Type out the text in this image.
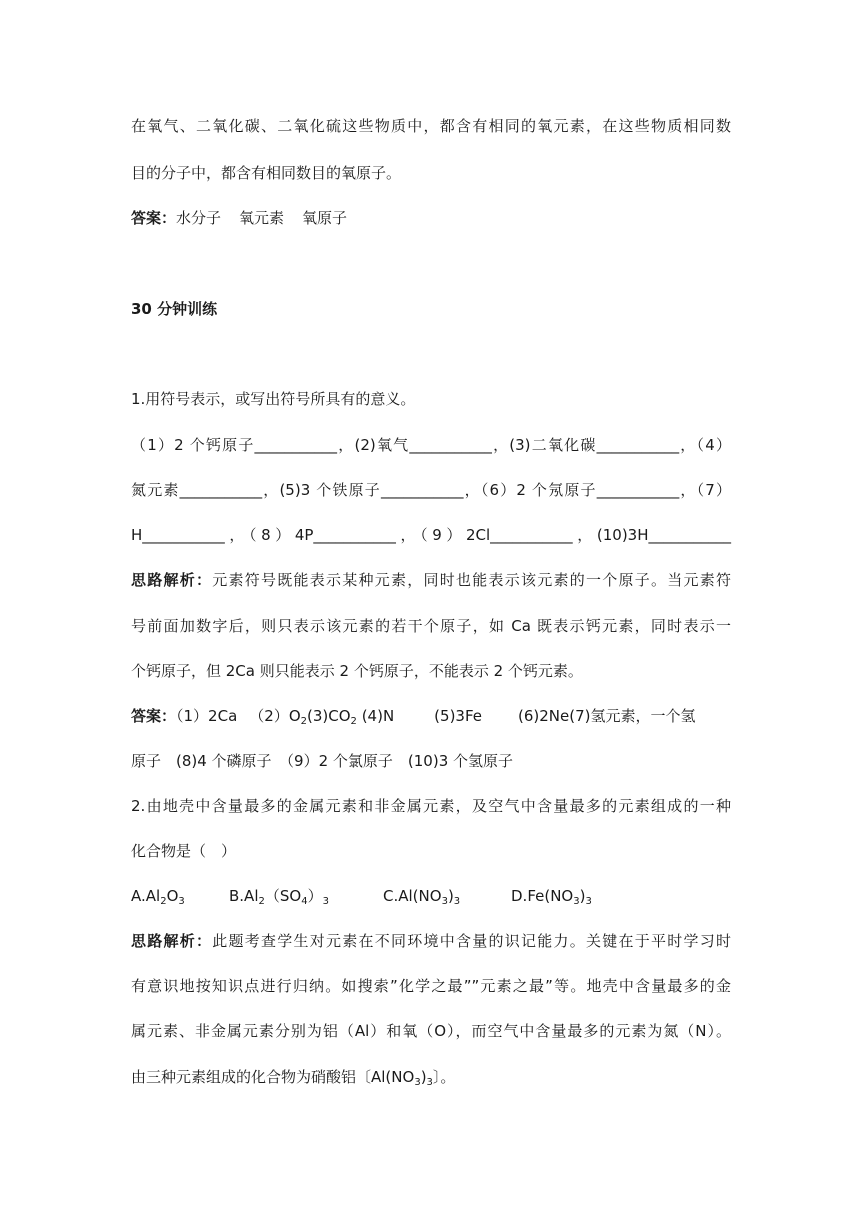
在氧气、二氧化碳、二氧化硫这些物质中，都含有相同的氧元素，在这些物质相同数
目的分子中，都含有相同数目的氧原子。
答案：水分子 氧元素 氧原子
30 分钟训练
1.用符号表示，或写出符号所具有的意义。
（1）2 个钙原子___________，(2)氧气___________，(3)二氧化碳___________，（4）
氮元素___________，(5)3 个铁原子___________，（6）2 个氖原子___________，（7）
H___________，（8）4P___________，（9）2Cl___________，(10)3H___________
思路解析：元素符号既能表示某种元素，同时也能表示该元素的一个原子。当元素符
号前面加数字后，则只表示该元素的若干个原子，如 Ca 既表示钙元素，同时表示一
个钙原子，但 2Ca 则只能表示 2 个钙原子，不能表示 2 个钙元素。
答案：（1）2Ca $(2)O_2(3)CO_2$ (4)N	(5)3Fe (6)2Ne(7)氢元素，一个氢
原子　(8)4 个磷原子　（9）2 个氯原子　(10)3 个氢原子
2.由地壳中含量最多的金属元素和非金属元素，及空气中含量最多的元素组成的一种
化合物是（　）
$A.Al_2O_3$	$B.Al_2(SO_4)_3$	$C.Al(NO_3)_3$	$D.Fe(NO_3)_3$
思路解析：此题考查学生对元素在不同环境中含量的识记能力。关键在于平时学习时
有意识地按知识点进行归纳。如搜索”化学之最””元素之最”等。地壳中含量最多的金
属元素、非金属元素分别为铝（Al）和氧（O），而空气中含量最多的元素为氮（N）。
由三种元素组成的化合物为硝酸铝〔$Al(NO_3)_3$〕。
